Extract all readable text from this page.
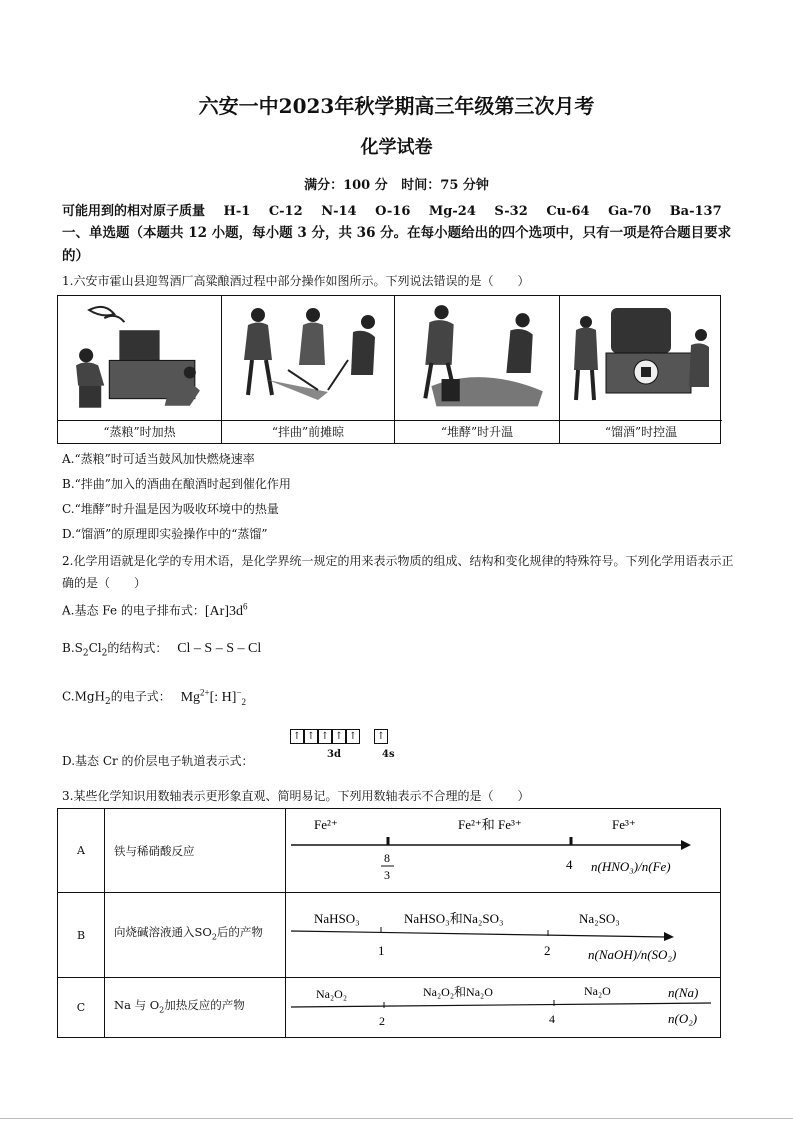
六安一中2023年秋学期高三年级第三次月考
化学试卷
满分：100 分   时间：75 分钟
可能用到的相对原子质量 H-1 C-12 N-14 O-16 Mg-24 S-32 Cu-64 Ga-70 Ba-137
一、单选题（本题共 12 小题，每小题 3 分，共 36 分。在每小题给出的四个选项中，只有一项是符合题目要求的）
1.六安市霍山县迎驾酒厂高粱酿酒过程中部分操作如图所示。下列说法错误的是（　　）
“蒸粮”时加热	“拌曲”前摊晾	“堆酵”时升温	“馏酒”时控温
A.“蒸粮”时可适当鼓风加快燃烧速率
B.“拌曲”加入的酒曲在酿酒时起到催化作用
C.“堆酵”时升温是因为吸收环境中的热量
D.“馏酒”的原理即实验操作中的“蒸馏”
2.化学用语就是化学的专用术语，是化学界统一规定的用来表示物质的组成、结构和变化规律的特殊符号。下列化学用语表示正确的是（　　）
A.基态 Fe 的电子排布式：$[Ar]3d^6$
$B.S_2Cl_2$的结构式： Cl – S – S – Cl
C.MgH$_2$的电子式： $Mg^{2+}$[: $H]^-_2$
↑ ↑ ↑ ↑ ↑ ↑
3d	4s
D.基态 Cr 的价层电子轨道表示式：
3.某些化学知识用数轴表示更形象直观、简明易记。下列用数轴表示不合理的是（　　）
A	铁与稀硝酸反应
Fe²⁺	Fe²⁺和 Fe³⁺	Fe³⁺
8
3
4 n(HNO₃)/n(Fe)
B	向烧碱溶液通入$SO_2$后的产物
NaHSO₃	NaHSO₃和Na₂SO₃	Na₂SO₃
1	2	n(NaOH)/n(SO₂)
C	Na 与 $O_2$加热反应的产物
Na₂O₂	Na₂O₂和Na₂O	Na₂O
2	4
n(Na)
n(O₂)
